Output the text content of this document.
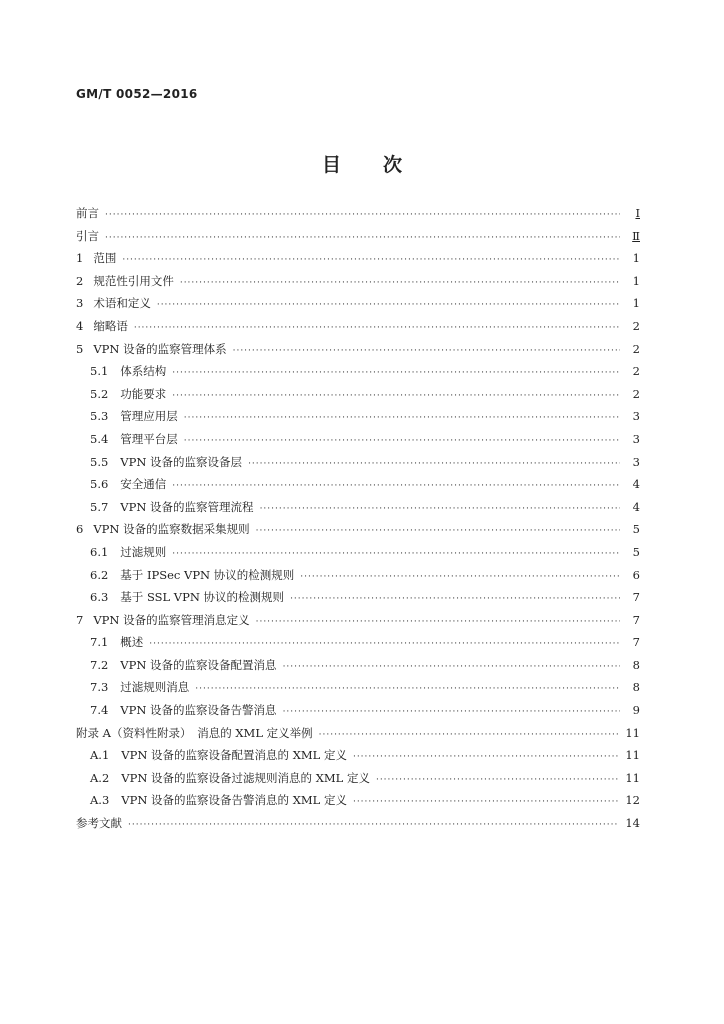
GM/T 0052—2016
目 次
前言 ·····	Ⅰ
引言 ·····	Ⅱ
1 范围 ·····	1
2 规范性引用文件 ·····	1
3 术语和定义 ·····	1
4 缩略语 ·····	2
5 VPN 设备的监察管理体系 ·····	2
5.1 体系结构 ·····	2
5.2 功能要求 ·····	2
5.3 管理应用层 ·····	3
5.4 管理平台层 ·····	3
5.5 VPN 设备的监察设备层 ·····	3
5.6 安全通信 ·····	4
5.7 VPN 设备的监察管理流程 ·····	4
6 VPN 设备的监察数据采集规则 ·····	5
6.1 过滤规则 ·····	5
6.2 基于 IPSec VPN 协议的检测规则 ·····	6
6.3 基于 SSL VPN 协议的检测规则 ·····	7
7 VPN 设备的监察管理消息定义 ·····	7
7.1 概述 ·····	7
7.2 VPN 设备的监察设备配置消息 ·····	8
7.3 过滤规则消息 ·····	8
7.4 VPN 设备的监察设备告警消息 ·····	9
附录 A（资料性附录）　消息的 XML 定义举例 ·····	11
A.1 VPN 设备的监察设备配置消息的 XML 定义 ·····	11
A.2 VPN 设备的监察设备过滤规则消息的 XML 定义 ·····	11
A.3 VPN 设备的监察设备告警消息的 XML 定义 ·····	12
参考文献 ·····	14
